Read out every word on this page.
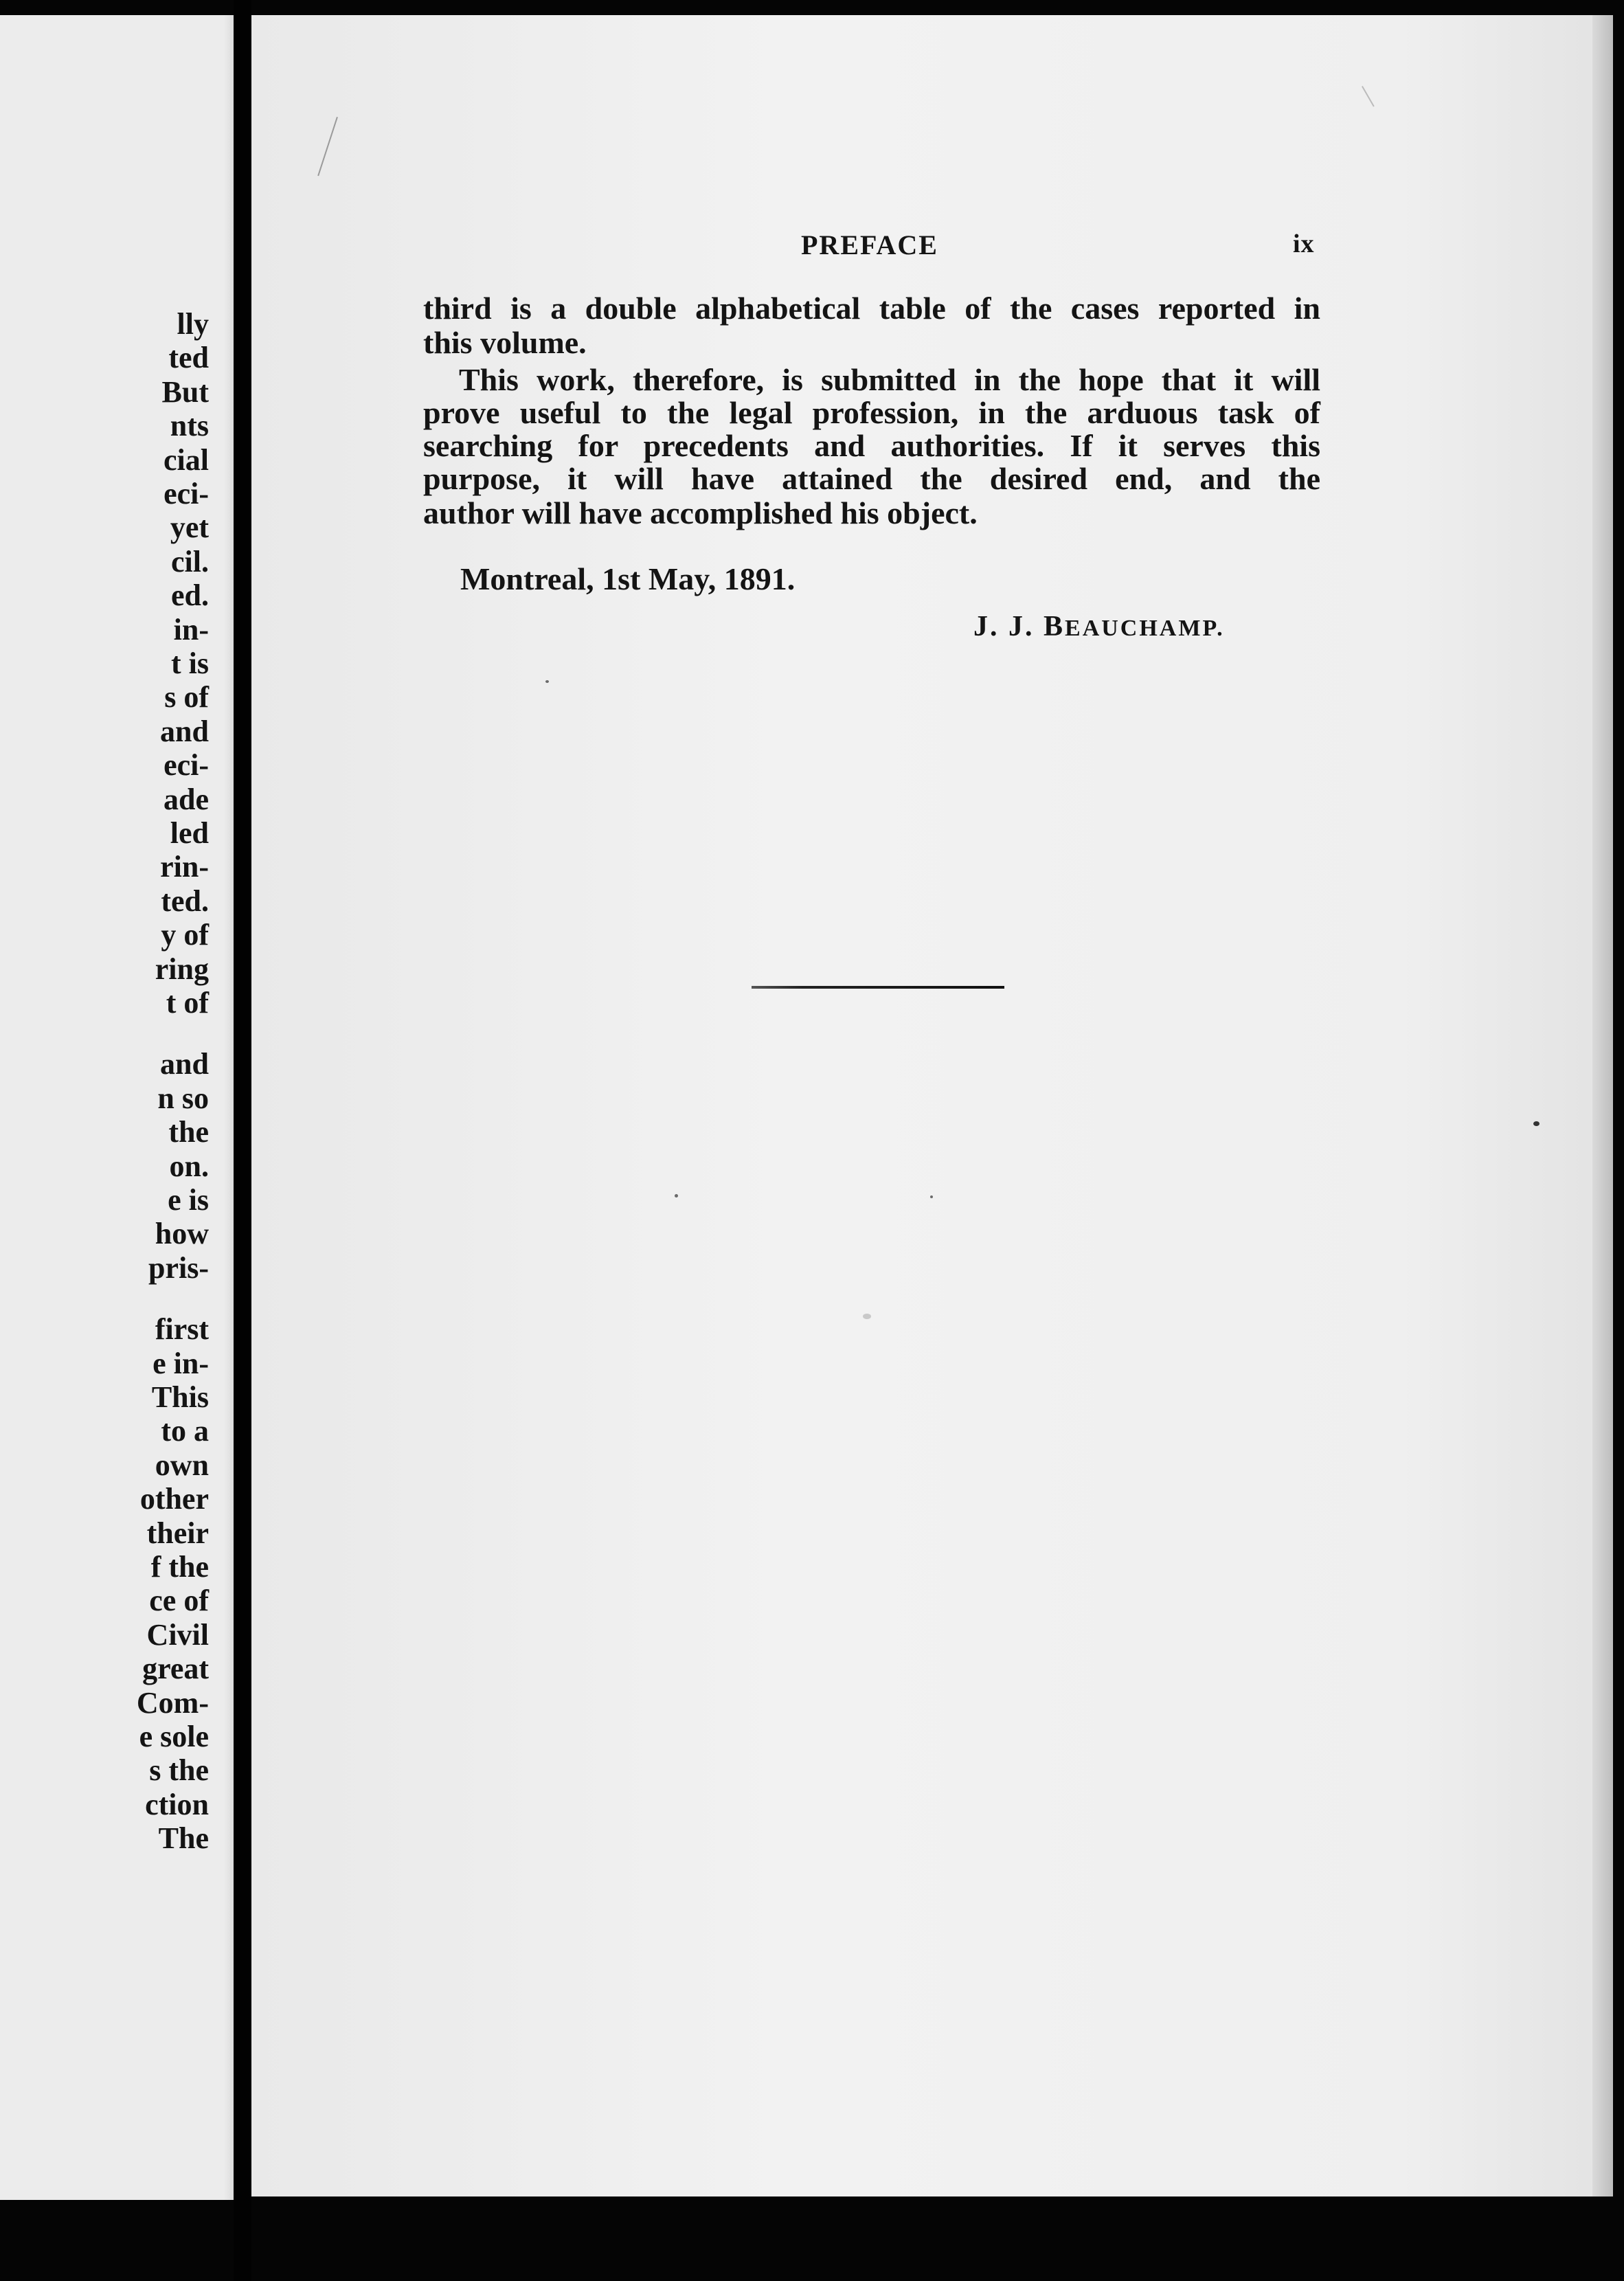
lly
ted
But
nts
cial
eci-
yet
cil.
ed.
in-
t is
s of
and
eci-
ade
led
rin-
ted.
y of
ring
t of
and
n so
the
on.
e is
how
pris-
first
e in-
This
to a
own
other
their
f the
ce of
Civil
great
Com-
e sole
s the
ction
The
PREFACE	ix
third is a double alphabetical table of the cases reported in
this volume.
This work, therefore, is submitted in the hope that it will
prove useful to the legal profession, in the arduous task of
searching for precedents and authorities. If it serves this
purpose, it will have attained the desired end, and the
author will have accomplished his object.
Montreal, 1st May, 1891.
J. J. BEAUCHAMP.
